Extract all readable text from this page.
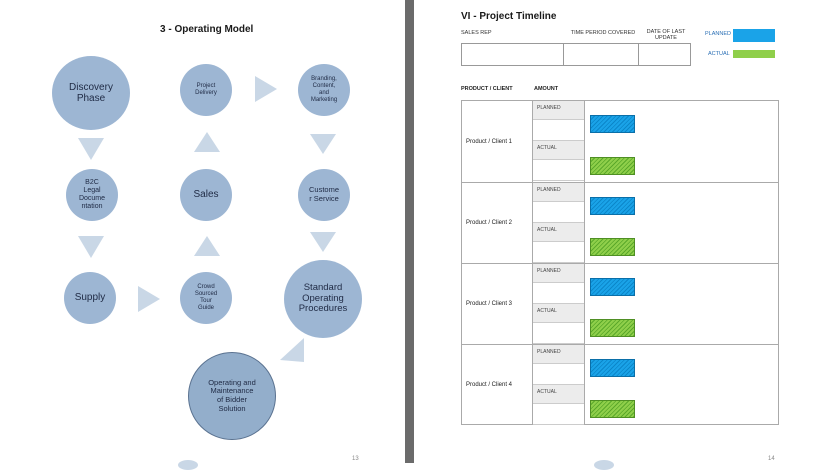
3 - Operating Model
Discovery
Phase
Project
Delivery
Branding,
Content,
and
Marketing
B2C
Legal
Docume
ntation
Sales	Custome
r Service
Supply
Crowd
Sourced
Tour
Guide
Standard
Operating
Procedures
Operating and
Maintenance
of Bidder
Solution
13
VI - Project Timeline
SALES REP	TIME PERIOD COVERED	DATE OF LAST UPDATE
PLANNED
ACTUAL
PRODUCT / CLIENT	AMOUNT
Product / Client 1
PLANNED
ACTUAL
Product / Client 2
PLANNED
ACTUAL
Product / Client 3
PLANNED
ACTUAL
Product / Client 4
PLANNED
ACTUAL
14
